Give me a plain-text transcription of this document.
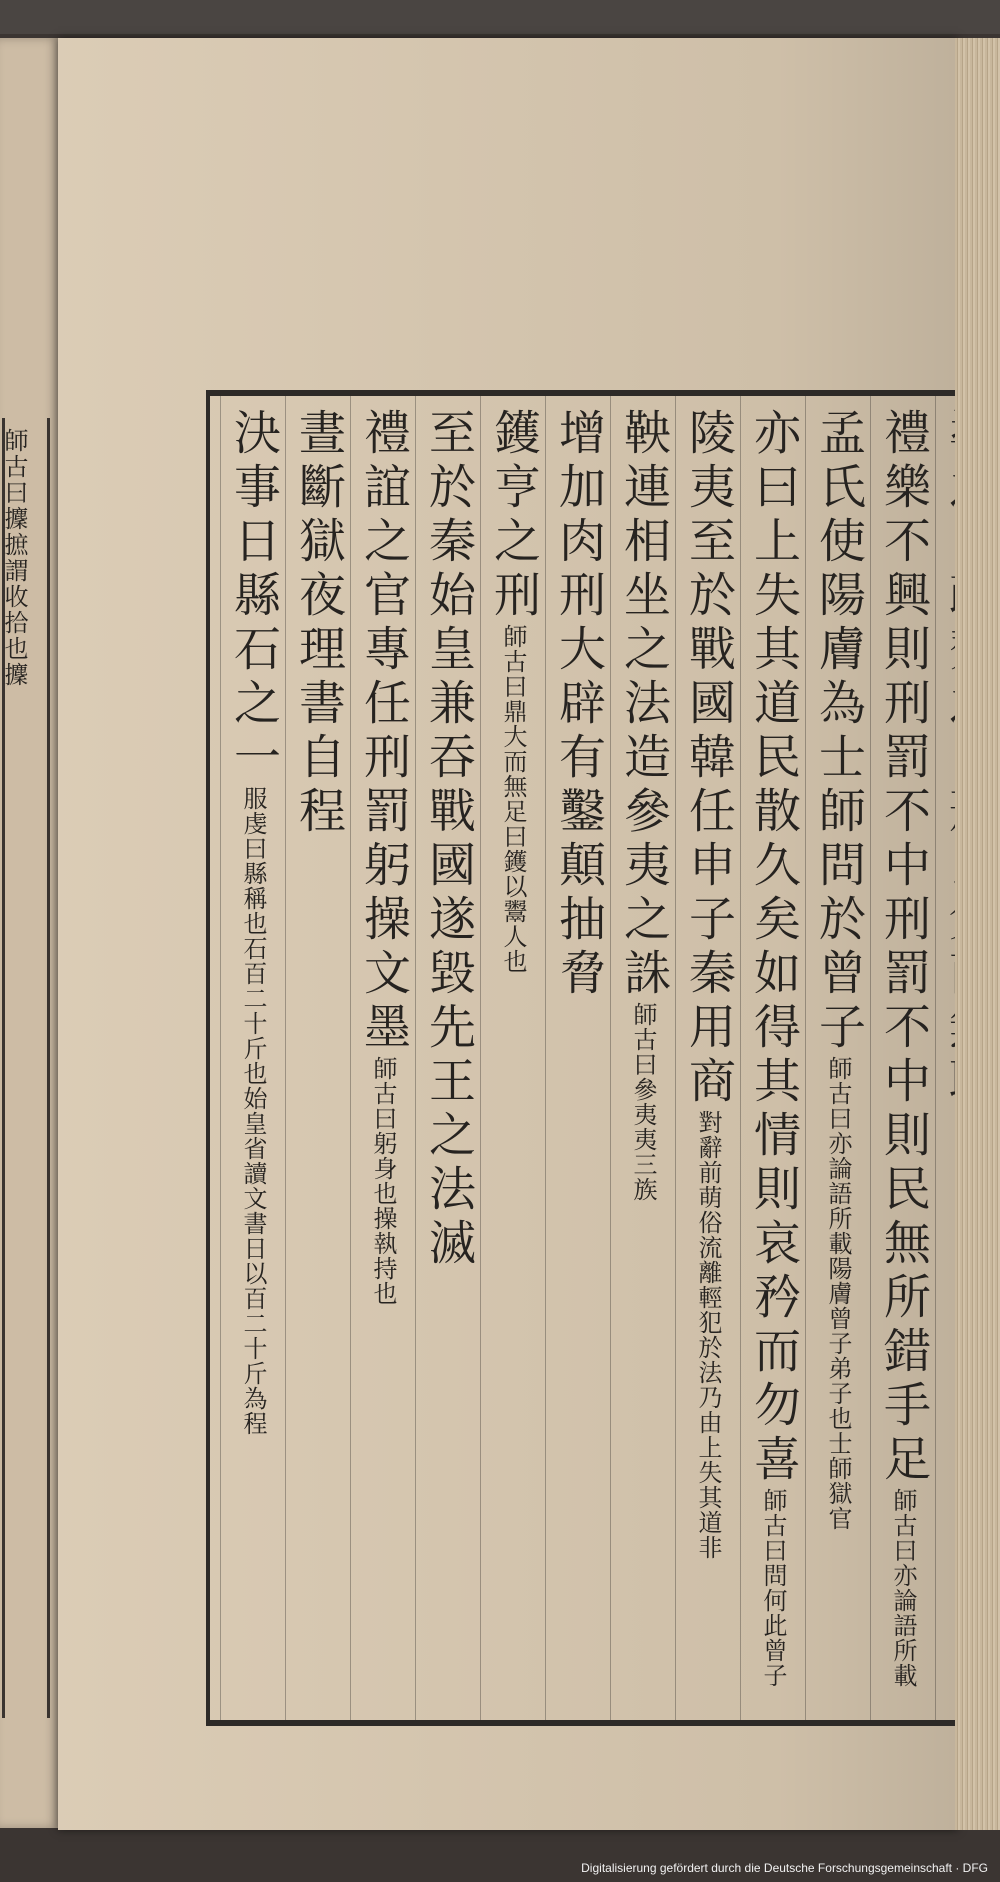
師古曰攈摭謂收拾也攈	禮樂不興則刑罰不中刑罰不中則民無所錯手足師古曰亦論語所載
孟氏使陽膚為士師問於曾子師古曰亦論語所載陽膚曾子弟子也士師獄官
亦曰上失其道民散久矣如得其情則哀矜而勿喜師古曰問何此曾子
陵夷至於戰國韓任申子秦用商對辭前萌俗流離輕犯於法乃由上失其道非
鞅連相坐之法造參夷之誅師古曰參夷夷三族
增加肉刑大辟有鑿顛抽脅
鑊亨之刑師古曰鼎大而無足曰鑊以鬻人也
至於秦始皇兼吞戰國遂毀先王之法滅
禮誼之官專任刑罰躬操文墨師古曰躬身也操執持也
晝斷獄夜理書自程
決事日縣石之一服虔曰縣稱也石百二十斤也始皇省讀文書日以百二十斤為程
Digitalisierung gefördert durch die Deutsche Forschungsgemeinschaft · DFG
